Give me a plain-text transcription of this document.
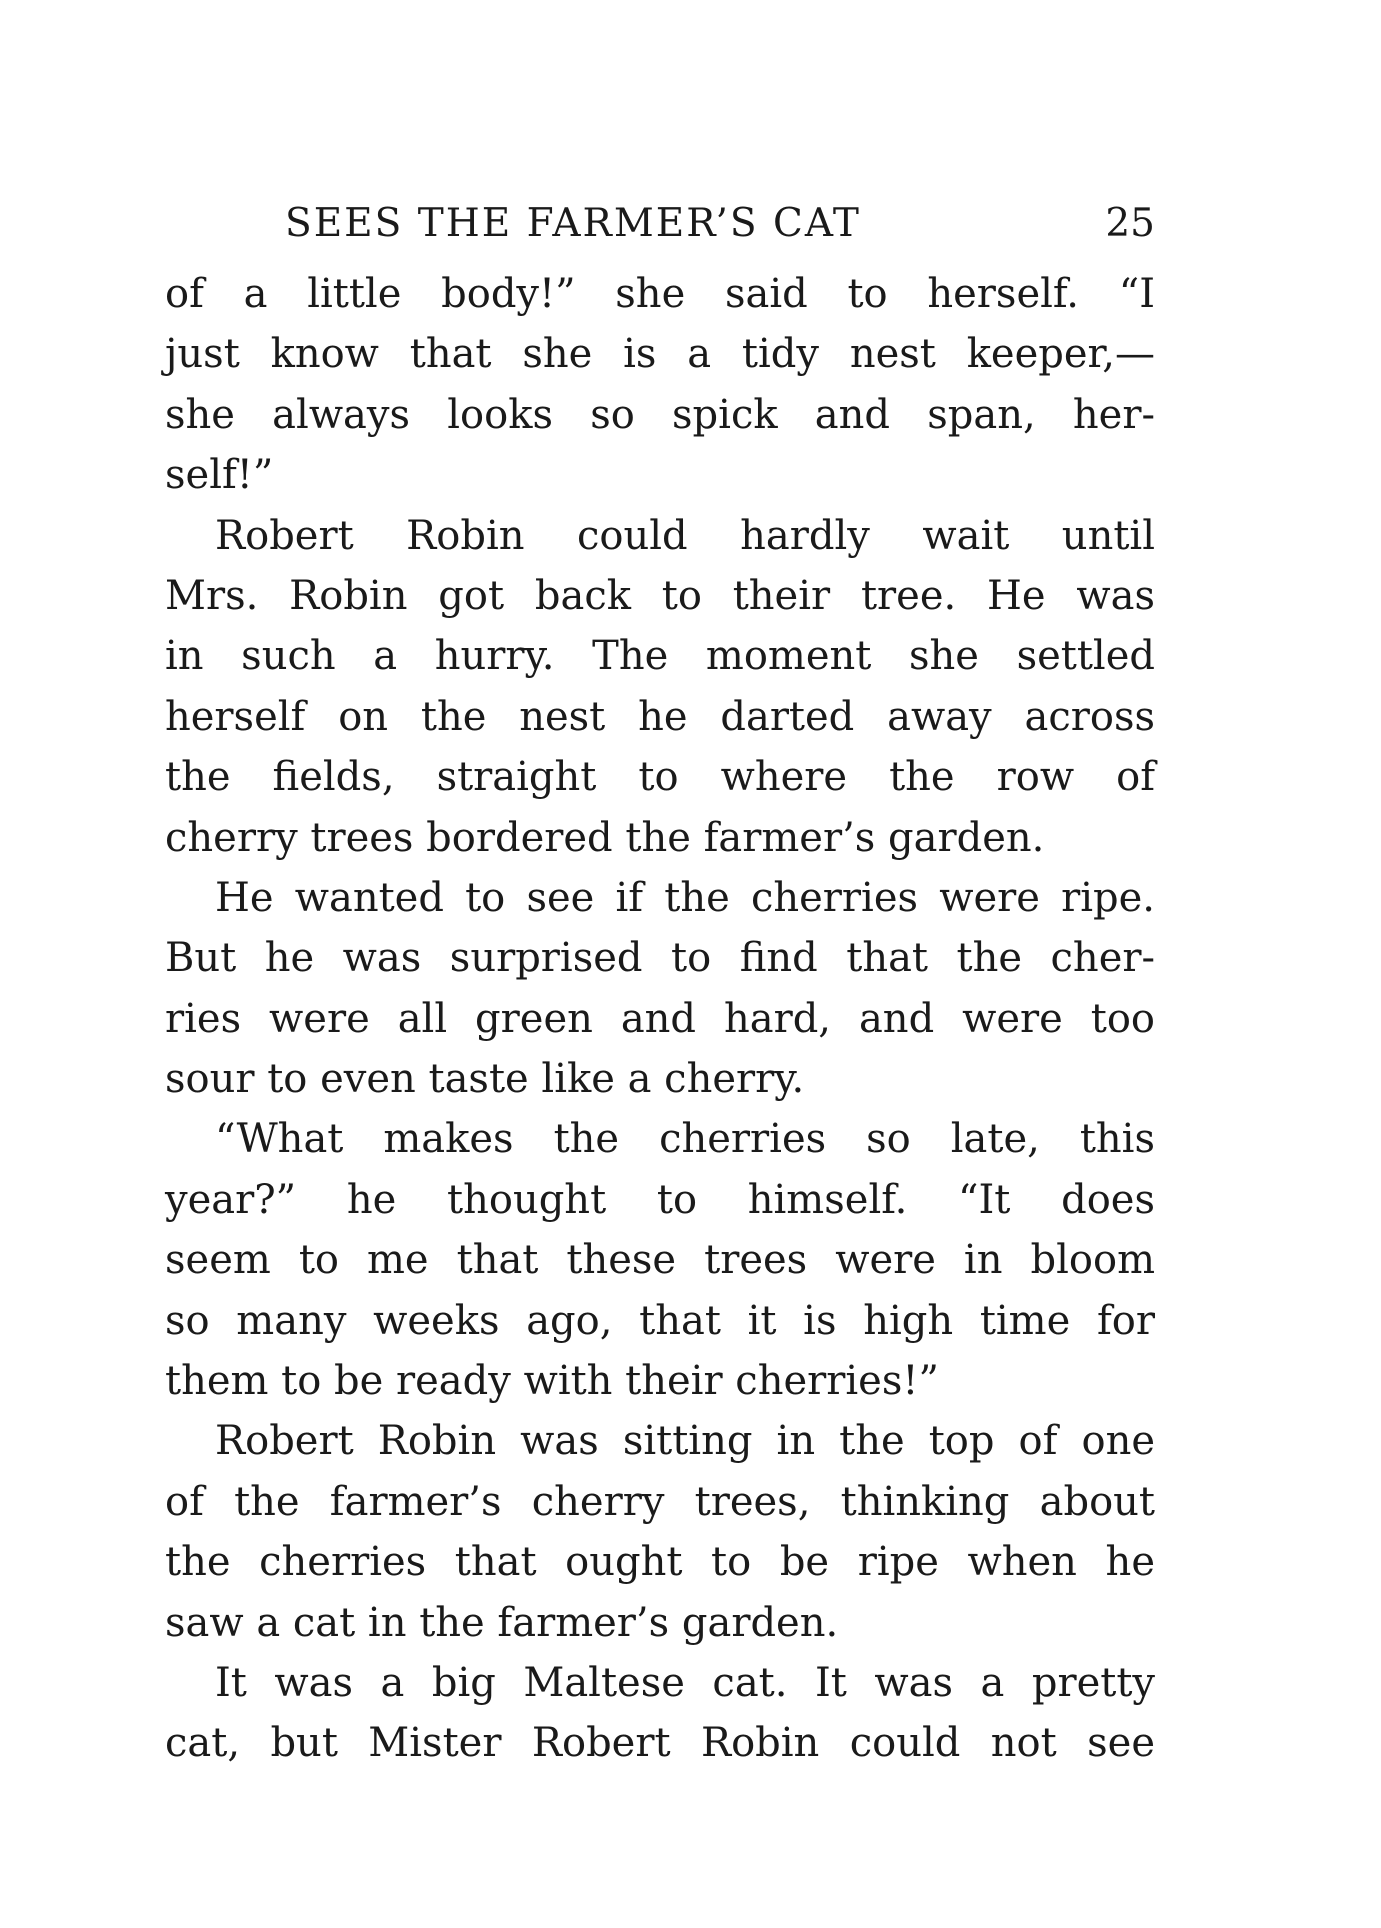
SEES THE FARMER’S CAT	25
of a little body!” she said to herself. “I
just know that she is a tidy nest keeper,—
she always looks so spick and span, her-
self!”
Robert Robin could hardly wait until
Mrs. Robin got back to their tree. He was
in such a hurry. The moment she settled
herself on the nest he darted away across
the fields, straight to where the row of
cherry trees bordered the farmer’s garden.
He wanted to see if the cherries were ripe.
But he was surprised to find that the cher-
ries were all green and hard, and were too
sour to even taste like a cherry.
“What makes the cherries so late, this
year?” he thought to himself. “It does
seem to me that these trees were in bloom
so many weeks ago, that it is high time for
them to be ready with their cherries!”
Robert Robin was sitting in the top of one
of the farmer’s cherry trees, thinking about
the cherries that ought to be ripe when he
saw a cat in the farmer’s garden.
It was a big Maltese cat. It was a pretty
cat, but Mister Robert Robin could not see
